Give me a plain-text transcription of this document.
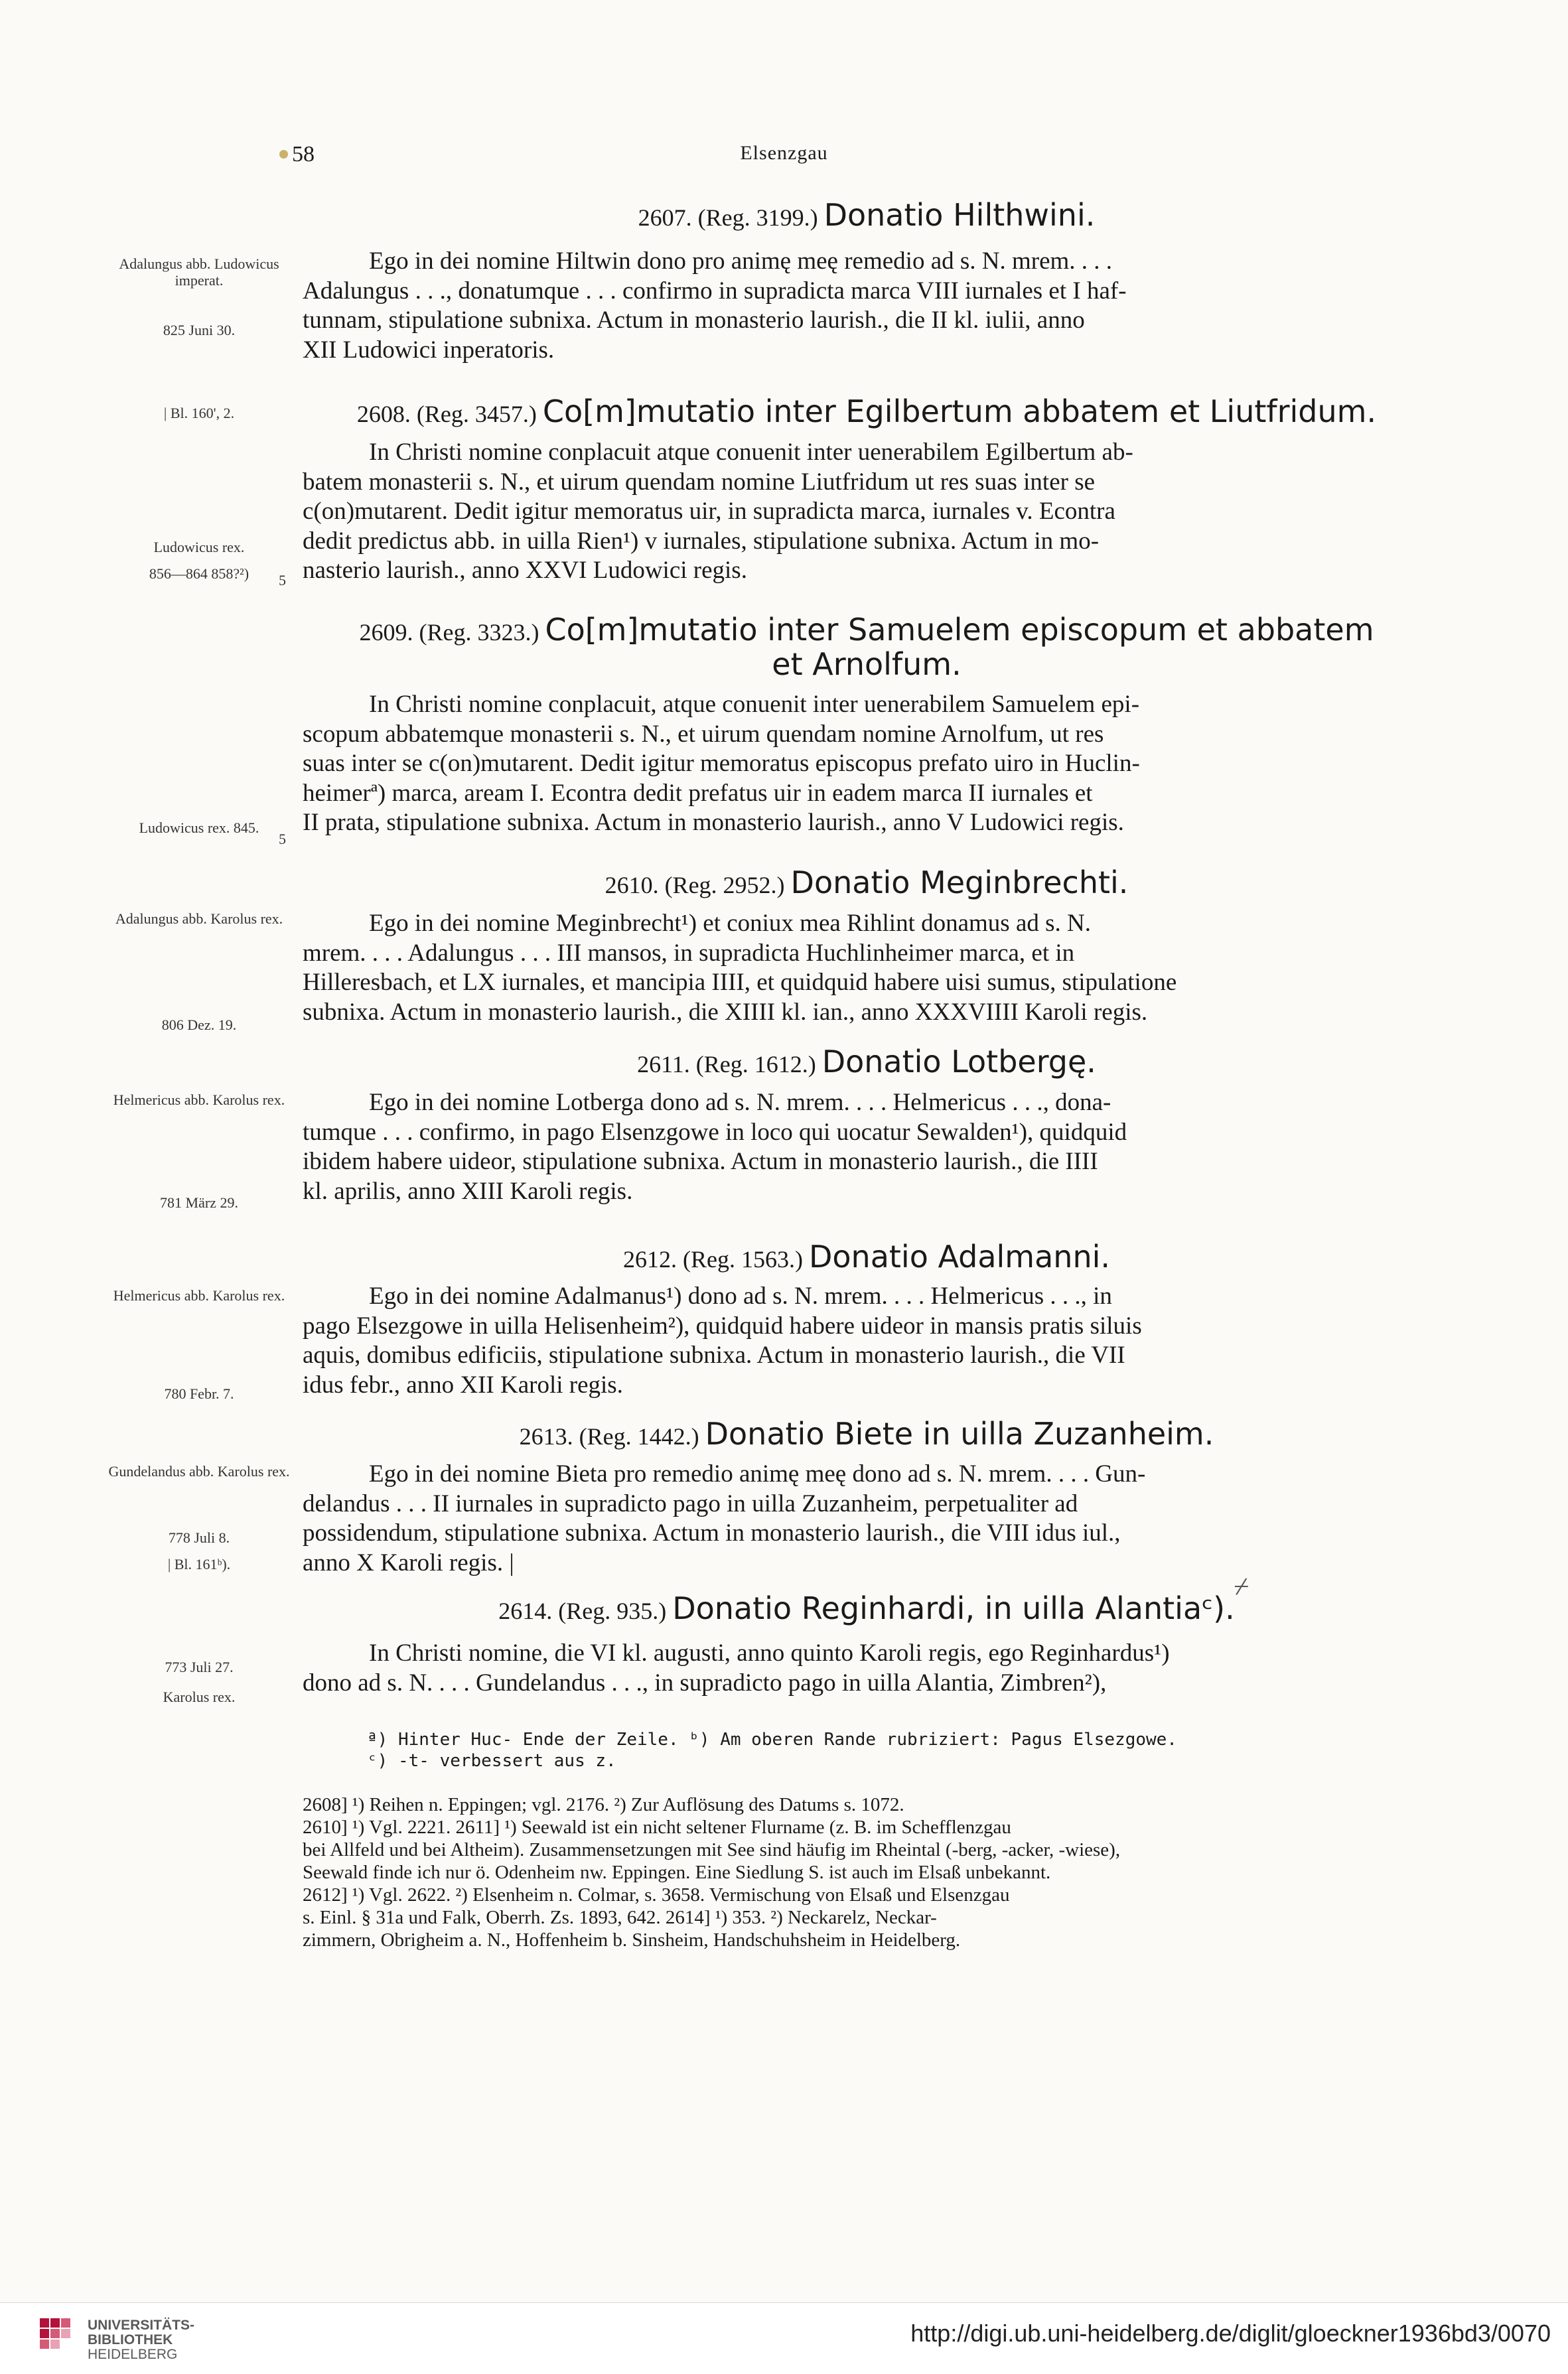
58	Elsenzgau
2607. (Reg. 3199.) Donatio Hilthwini.
Adalungus abb. Ludowicus imperat.
825 Juni 30.

Ego in dei nomine Hiltwin dono pro animę meę remedio ad s. N. mrem. . . .

Adalungus . . ., donatumque . . . confirmo in supradicta marca VIII iurnales et I haf-

tunnam, stipulatione subnixa. Actum in monasterio laurish., die II kl. iulii, anno

XII Ludowici inperatoris.

| Bl. 160', 2.	2608. (Reg. 3457.) Co[m]mutatio inter Egilbertum abbatem et Liutfridum.

In Christi nomine conplacuit atque conuenit inter uenerabilem Egilbertum ab-

batem monasterii s. N., et uirum quendam nomine Liutfridum ut res suas inter se

c(on)mutarent. Dedit igitur memoratus uir, in supradicta marca, iurnales v. Econtra

dedit predictus abb. in uilla Rien¹) v iurnales, stipulatione subnixa. Actum in mo-

nasterio laurish., anno XXVI Ludowici regis.

Ludowicus rex.
856—864 858?²)	5
2609. (Reg. 3323.) Co[m]mutatio inter Samuelem episcopum et abbatem
et Arnolfum.

In Christi nomine conplacuit, atque conuenit inter uenerabilem Samuelem epi-

scopum abbatemque monasterii s. N., et uirum quendam nomine Arnolfum, ut res

suas inter se c(on)mutarent. Dedit igitur memoratus episcopus prefato uiro in Huclin-

heimerª) marca, aream I. Econtra dedit prefatus uir in eadem marca II iurnales et

II prata, stipulatione subnixa. Actum in monasterio laurish., anno V Ludowici regis.

Ludowicus rex. 845.
5
2610. (Reg. 2952.) Donatio Meginbrechti.
Adalungus abb. Karolus rex.	Ego in dei nomine Meginbrecht¹) et coniux mea Rihlint donamus ad s. N.

mrem. . . . Adalungus . . . III mansos, in supradicta Huchlinheimer marca, et in

Hilleresbach, et LX iurnales, et mancipia IIII, et quidquid habere uisi sumus, stipulatione

subnixa. Actum in monasterio laurish., die XIIII kl. ian., anno XXXVIIII Karoli regis.

806 Dez. 19.
2611. (Reg. 1612.) Donatio Lotbergę.
Helmericus abb. Karolus rex.	Ego in dei nomine Lotberga dono ad s. N. mrem. . . . Helmericus . . ., dona-

tumque . . . confirmo, in pago Elsenzgowe in loco qui uocatur Sewalden¹), quidquid

ibidem habere uideor, stipulatione subnixa. Actum in monasterio laurish., die IIII

kl. aprilis, anno XIII Karoli regis.

781 März 29.
2612. (Reg. 1563.) Donatio Adalmanni.
Helmericus abb. Karolus rex.	Ego in dei nomine Adalmanus¹) dono ad s. N. mrem. . . . Helmericus . . ., in

pago Elsezgowe in uilla Helisenheim²), quidquid habere uideor in mansis pratis siluis

aquis, domibus edificiis, stipulatione subnixa. Actum in monasterio laurish., die VII

idus febr., anno XII Karoli regis.

780 Febr. 7.
2613. (Reg. 1442.) Donatio Biete in uilla Zuzanheim.
Gundelandus abb. Karolus rex.	Ego in dei nomine Bieta pro remedio animę meę dono ad s. N. mrem. . . . Gun-

delandus . . . II iurnales in supradicto pago in uilla Zuzanheim, perpetualiter ad

possidendum, stipulatione subnixa. Actum in monasterio laurish., die VIII idus iul.,

anno X Karoli regis. |

778 Juli 8.
| Bl. 161ᵇ).
⌿
2614. (Reg. 935.) Donatio Reginhardi, in uilla Alantiaᶜ).
773 Juli 27.
Karolus rex.

In Christi nomine, die VI kl. augusti, anno quinto Karoli regis, ego Reginhardus¹)

dono ad s. N. . . . Gundelandus . . ., in supradicto pago in uilla Alantia, Zimbren²),

ª) Hinter Huc- Ende der Zeile. ᵇ) Am oberen Rande rubriziert: Pagus Elsezgowe.
ᶜ) -t- verbessert aus z.

2608] ¹) Reihen n. Eppingen; vgl. 2176. ²) Zur Auflösung des Datums s. 1072.

2610] ¹) Vgl. 2221. 2611] ¹) Seewald ist ein nicht seltener Flurname (z. B. im Schefflenzgau

bei Allfeld und bei Altheim). Zusammensetzungen mit See sind häufig im Rheintal (-berg, -acker, -wiese),

Seewald finde ich nur ö. Odenheim nw. Eppingen. Eine Siedlung S. ist auch im Elsaß unbekannt.

2612] ¹) Vgl. 2622. ²) Elsenheim n. Colmar, s. 3658. Vermischung von Elsaß und Elsenzgau

s. Einl. § 31a und Falk, Oberrh. Zs. 1893, 642. 2614] ¹) 353. ²) Neckarelz, Neckar-

zimmern, Obrigheim a. N., Hoffenheim b. Sinsheim, Handschuhsheim in Heidelberg.

UNIVERSITÄTS-
BIBLIOTHEK
HEIDELBERG
http://digi.ub.uni-heidelberg.de/diglit/gloeckner1936bd3/0070
